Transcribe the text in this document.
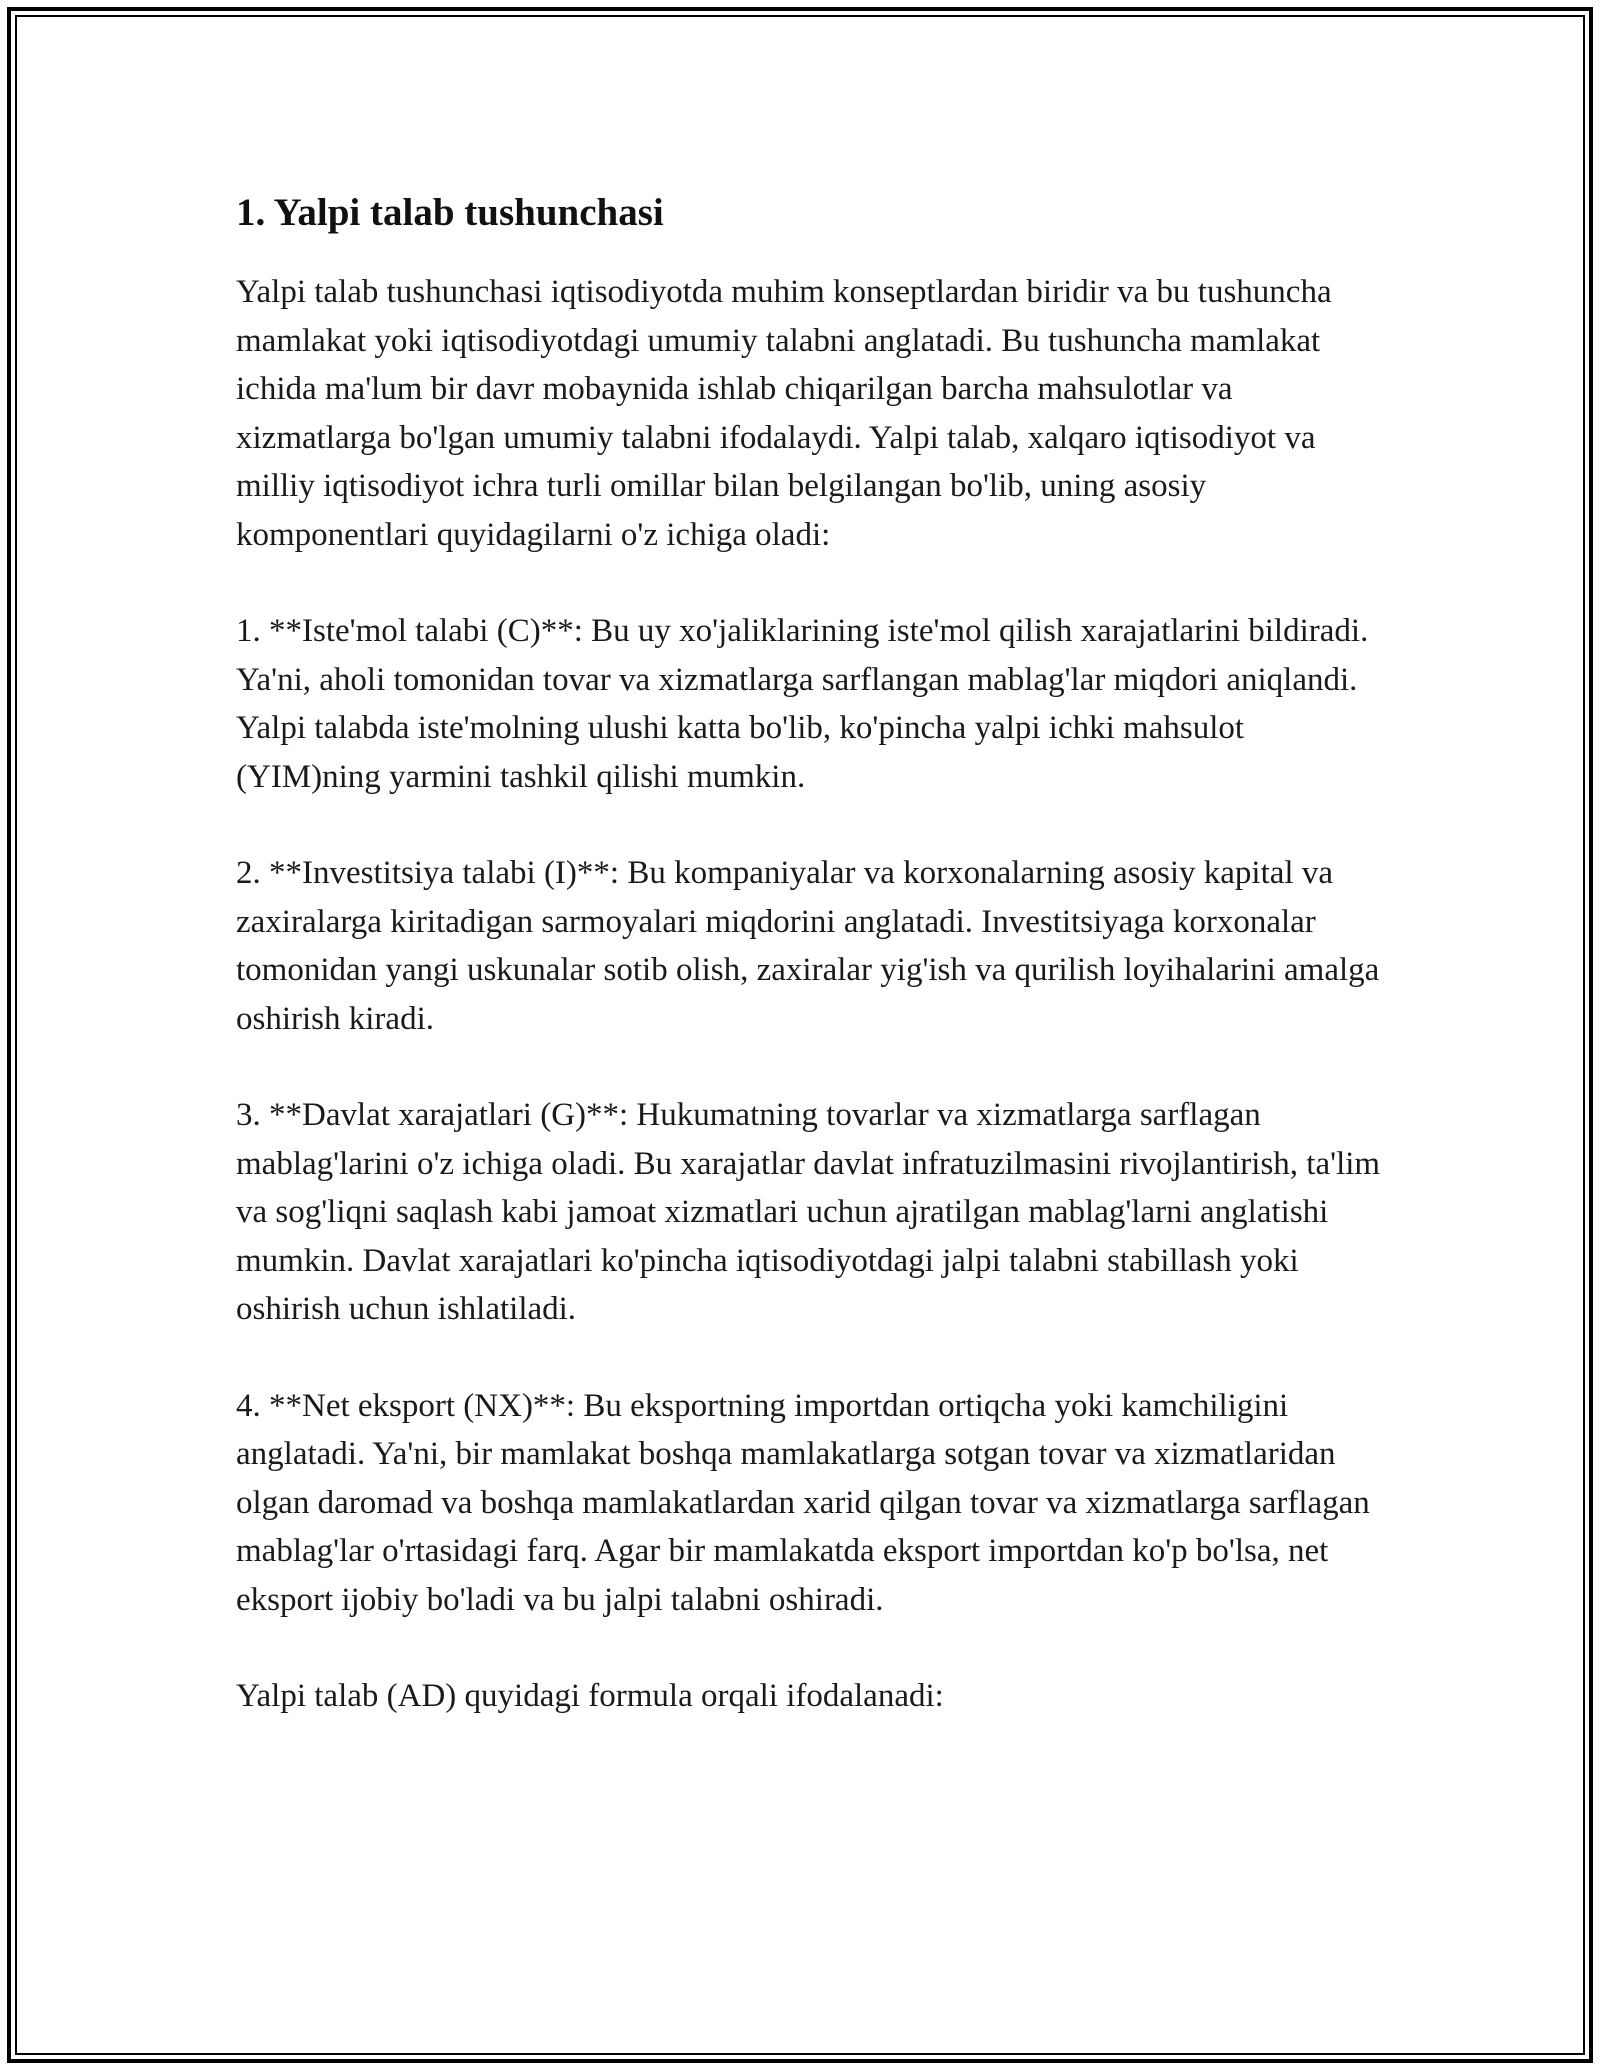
1. Yalpi talab tushunchasi

Yalpi talab tushunchasi iqtisodiyotda muhim konseptlardan biridir va bu tushuncha mamlakat yoki iqtisodiyotdagi umumiy talabni anglatadi. Bu tushuncha mamlakat ichida ma'lum bir davr mobaynida ishlab chiqarilgan barcha mahsulotlar va xizmatlarga bo'lgan umumiy talabni ifodalaydi. Yalpi talab, xalqaro iqtisodiyot va milliy iqtisodiyot ichra turli omillar bilan belgilangan bo'lib, uning asosiy komponentlari quyidagilarni o'z ichiga oladi:

1. **Iste'mol talabi (C)**: Bu uy xo'jaliklarining iste'mol qilish xarajatlarini bildiradi. Ya'ni, aholi tomonidan tovar va xizmatlarga sarflangan mablag'lar miqdori aniqlandi. Yalpi talabda iste'molning ulushi katta bo'lib, ko'pincha yalpi ichki mahsulot (YIM)ning yarmini tashkil qilishi mumkin.

2. **Investitsiya talabi (I)**: Bu kompaniyalar va korxonalarning asosiy kapital va zaxiralarga kiritadigan sarmoyalari miqdorini anglatadi. Investitsiyaga korxonalar tomonidan yangi uskunalar sotib olish, zaxiralar yig'ish va qurilish loyihalarini amalga oshirish kiradi.

3. **Davlat xarajatlari (G)**: Hukumatning tovarlar va xizmatlarga sarflagan mablag'larini o'z ichiga oladi. Bu xarajatlar davlat infratuzilmasini rivojlantirish, ta'lim va sog'liqni saqlash kabi jamoat xizmatlari uchun ajratilgan mablag'larni anglatishi mumkin. Davlat xarajatlari ko'pincha iqtisodiyotdagi jalpi talabni stabillash yoki oshirish uchun ishlatiladi.

4. **Net eksport (NX)**: Bu eksportning importdan ortiqcha yoki kamchiligini anglatadi. Ya'ni, bir mamlakat boshqa mamlakatlarga sotgan tovar va xizmatlaridan olgan daromad va boshqa mamlakatlardan xarid qilgan tovar va xizmatlarga sarflagan mablag'lar o'rtasidagi farq. Agar bir mamlakatda eksport importdan ko'p bo'lsa, net eksport ijobiy bo'ladi va bu jalpi talabni oshiradi.

Yalpi talab (AD) quyidagi formula orqali ifodalanadi:
